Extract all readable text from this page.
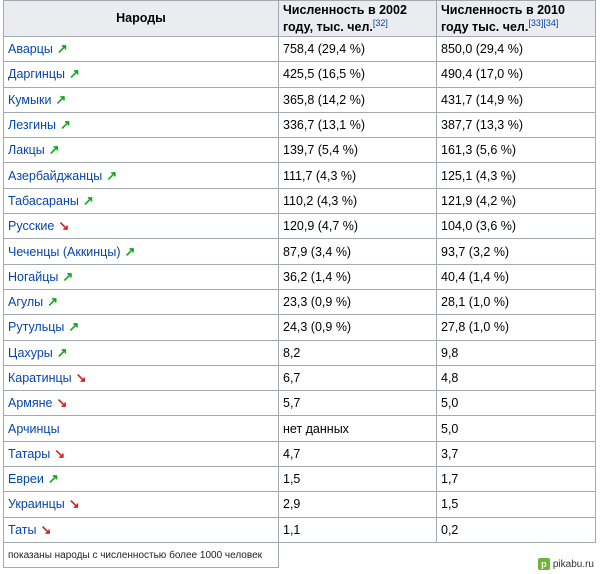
Народы	Численность в 2002 году, тыс. чел.[32]	Численность в 2010 году тыс. чел.[33][34]
Аварцы ↗	758,4 (29,4 %)	850,0 (29,4 %)
Даргинцы ↗	425,5 (16,5 %)	490,4 (17,0 %)
Кумыки ↗	365,8 (14,2 %)	431,7 (14,9 %)
Лезгины ↗	336,7 (13,1 %)	387,7 (13,3 %)
Лакцы ↗	139,7 (5,4 %)	161,3 (5,6 %)
Азербайджанцы ↗	111,7 (4,3 %)	125,1 (4,3 %)
Табасараны ↗	110,2 (4,3 %)	121,9 (4,2 %)
Русские ↘	120,9 (4,7 %)	104,0 (3,6 %)
Чеченцы (Аккинцы) ↗	87,9 (3,4 %)	93,7 (3,2 %)
Ногайцы ↗	36,2 (1,4 %)	40,4 (1,4 %)
Агулы ↗	23,3 (0,9 %)	28,1 (1,0 %)
Рутульцы ↗	24,3 (0,9 %)	27,8 (1,0 %)
Цахуры ↗	8,2	9,8
Каратинцы ↘	6,7	4,8
Армяне ↘	5,7	5,0
Арчинцы	нет данных	5,0
Татары ↘	4,7	3,7
Евреи ↗	1,5	1,7
Украинцы ↘	2,9	1,5
Таты ↘	1,1	0,2
показаны народы с численностью более 1000 человек		
p pikabu.ru
